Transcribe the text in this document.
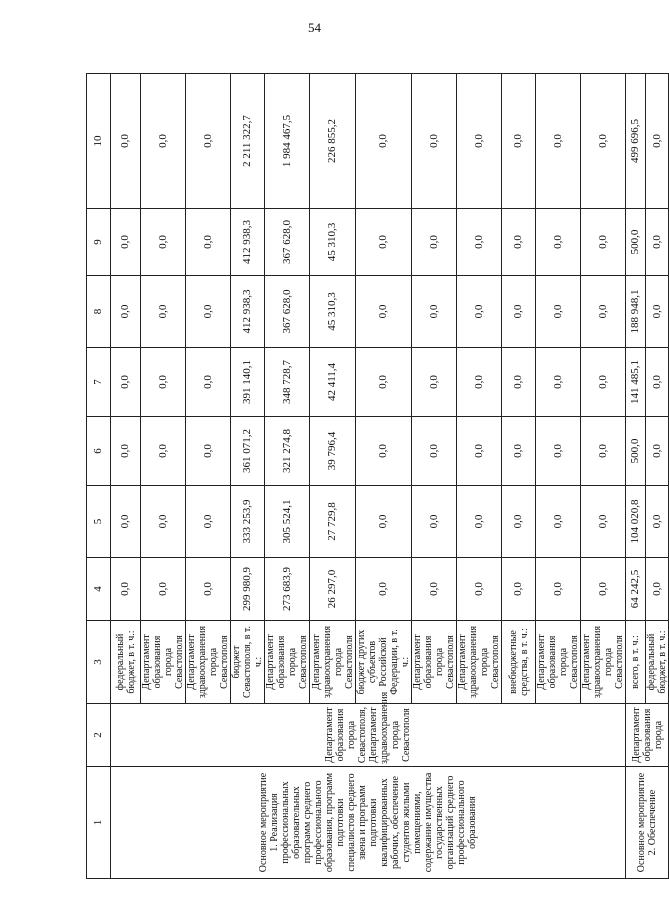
54
1	2	3	4	5	6	7	8	9	10
Основное мероприятие 1. Реализация профессиональных образовательных программ среднего профессионального образования, программ подготовки специалистов среднего звена и программ подготовки квалифицированных рабочих, обеспечение студентов жилыми помещениями, содержание имущества государственных организаций среднего профессионального образования	Департамент образования города Севастополя, Департамент здравоохранения города Севастополя	федеральный бюджет, в т. ч.:	0,0	0,0	0,0	0,0	0,0	0,0	0,0
		Департамент образования города Севастополя	0,0	0,0	0,0	0,0	0,0	0,0	0,0
		Департамент здравоохранения города Севастополя	0,0	0,0	0,0	0,0	0,0	0,0	0,0
		бюджет Севастополя, в т. ч.:	299 980,9	333 253,9	361 071,2	391 140,1	412 938,3	412 938,3	2 211 322,7
		Департамент образования города Севастополя	273 683,9	305 524,1	321 274,8	348 728,7	367 628,0	367 628,0	1 984 467,5
		Департамент здравоохранения города Севастополя	26 297,0	27 729,8	39 796,4	42 411,4	45 310,3	45 310,3	226 855,2
		бюджет других субъектов Российской Федерации, в т. ч.:	0,0	0,0	0,0	0,0	0,0	0,0	0,0
		Департамент образования города Севастополя	0,0	0,0	0,0	0,0	0,0	0,0	0,0
		Департамент здравоохранения города Севастополя	0,0	0,0	0,0	0,0	0,0	0,0	0,0
		внебюджетные средства, в т. ч.:	0,0	0,0	0,0	0,0	0,0	0,0	0,0
		Департамент образования города Севастополя	0,0	0,0	0,0	0,0	0,0	0,0	0,0
		Департамент здравоохранения города Севастополя	0,0	0,0	0,0	0,0	0,0	0,0	0,0
Основное мероприятие 2. Обеспечение	Департамент образования города	всего, в т. ч.:	64 242,5	104 020,8	500,0	141 485,1	188 948,1	500,0	499 696,5
		федеральный бюджет, в т. ч.:	0,0	0,0	0,0	0,0	0,0	0,0	0,0
